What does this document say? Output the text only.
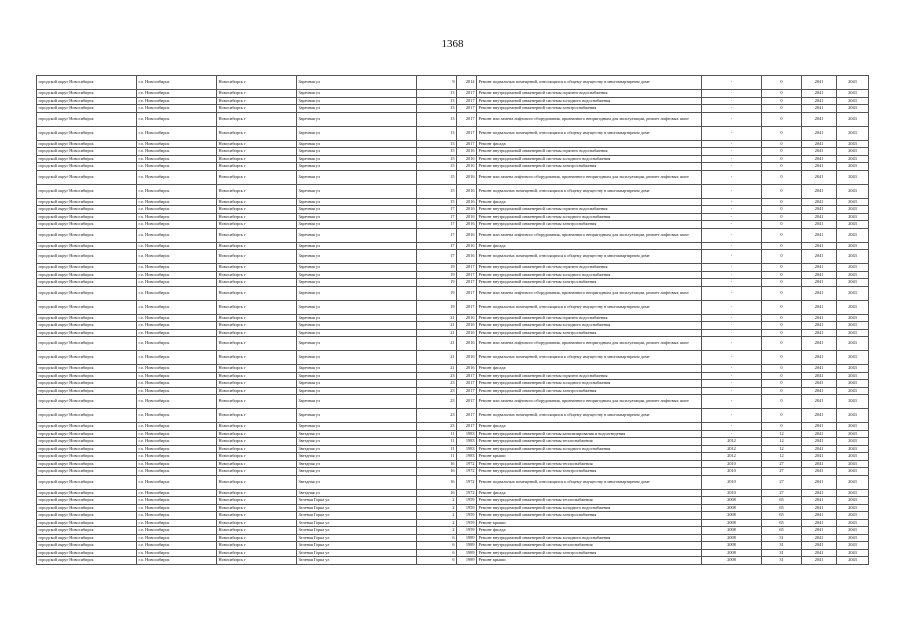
1368
городской округ Новосибирск	г.о. Новосибирск	Новосибирск г	Заречная ул	9	2014	Ремонт подвальных помещений, относящихся к общему имуществу в многоквартирном доме	-	0	2041	2043
городской округ Новосибирск	г.о. Новосибирск	Новосибирск г	Заречная ул	13	2017	Ремонт внутридомовой инженерной системы горячего водоснабжения	-	0	2041	2043
городской округ Новосибирск	г.о. Новосибирск	Новосибирск г	Заречная ул	13	2017	Ремонт внутридомовой инженерной системы холодного водоснабжения	-	0	2041	2043
городской округ Новосибирск	г.о. Новосибирск	Новосибирск г	Заречная ул	13	2017	Ремонт внутридомовой инженерной системы электроснабжения	-	0	2041	2043
городской округ Новосибирск	г.о. Новосибирск	Новосибирск г	Заречная ул	13	2017	Ремонт или замена лифтового оборудования, признанного непригодным для эксплуатации, ремонт лифтовых шахт	-	0	2041	2043
городской округ Новосибирск	г.о. Новосибирск	Новосибирск г	Заречная ул	13	2017	Ремонт подвальных помещений, относящихся к общему имуществу в многоквартирном доме	-	0	2041	2043
городской округ Новосибирск	г.о. Новосибирск	Новосибирск г	Заречная ул	13	2017	Ремонт фасада	-	0	2041	2043
городской округ Новосибирск	г.о. Новосибирск	Новосибирск г	Заречная ул	15	2016	Ремонт внутридомовой инженерной системы горячего водоснабжения	-	0	2041	2043
городской округ Новосибирск	г.о. Новосибирск	Новосибирск г	Заречная ул	15	2016	Ремонт внутридомовой инженерной системы холодного водоснабжения	-	0	2041	2043
городской округ Новосибирск	г.о. Новосибирск	Новосибирск г	Заречная ул	15	2016	Ремонт внутридомовой инженерной системы электроснабжения	-	0	2041	2043
городской округ Новосибирск	г.о. Новосибирск	Новосибирск г	Заречная ул	15	2016	Ремонт или замена лифтового оборудования, признанного непригодным для эксплуатации, ремонт лифтовых шахт	-	0	2041	2043
городской округ Новосибирск	г.о. Новосибирск	Новосибирск г	Заречная ул	15	2016	Ремонт подвальных помещений, относящихся к общему имуществу в многоквартирном доме	-	0	2041	2043
городской округ Новосибирск	г.о. Новосибирск	Новосибирск г	Заречная ул	15	2016	Ремонт фасада	-	0	2041	2043
городской округ Новосибирск	г.о. Новосибирск	Новосибирск г	Заречная ул	17	2016	Ремонт внутридомовой инженерной системы горячего водоснабжения	-	0	2041	2043
городской округ Новосибирск	г.о. Новосибирск	Новосибирск г	Заречная ул	17	2016	Ремонт внутридомовой инженерной системы холодного водоснабжения	-	0	2041	2043
городской округ Новосибирск	г.о. Новосибирск	Новосибирск г	Заречная ул	17	2016	Ремонт внутридомовой инженерной системы электроснабжения	-	0	2041	2043
городской округ Новосибирск	г.о. Новосибирск	Новосибирск г	Заречная ул	17	2016	Ремонт или замена лифтового оборудования, признанного непригодным для эксплуатации, ремонт лифтовых шахт	-	0	2041	2043
городской округ Новосибирск	г.о. Новосибирск	Новосибирск г	Заречная ул	17	2016	Ремонт фасада	-	0	2041	2043
городской округ Новосибирск	г.о. Новосибирск	Новосибирск г	Заречная ул	17	2016	Ремонт подвальных помещений, относящихся к общему имуществу в многоквартирном доме	-	0	2041	2043
городской округ Новосибирск	г.о. Новосибирск	Новосибирск г	Заречная ул	19	2017	Ремонт внутридомовой инженерной системы горячего водоснабжения	-	0	2041	2043
городской округ Новосибирск	г.о. Новосибирск	Новосибирск г	Заречная ул	19	2017	Ремонт внутридомовой инженерной системы холодного водоснабжения	-	0	2041	2043
городской округ Новосибирск	г.о. Новосибирск	Новосибирск г	Заречная ул	19	2017	Ремонт внутридомовой инженерной системы электроснабжения	-	0	2041	2043
городской округ Новосибирск	г.о. Новосибирск	Новосибирск г	Заречная ул	19	2017	Ремонт или замена лифтового оборудования, признанного непригодным для эксплуатации, ремонт лифтовых шахт	-	0	2041	2043
городской округ Новосибирск	г.о. Новосибирск	Новосибирск г	Заречная ул	19	2017	Ремонт подвальных помещений, относящихся к общему имуществу в многоквартирном доме	-	0	2041	2043
городской округ Новосибирск	г.о. Новосибирск	Новосибирск г	Заречная ул	21	2016	Ремонт внутридомовой инженерной системы горячего водоснабжения	-	0	2041	2043
городской округ Новосибирск	г.о. Новосибирск	Новосибирск г	Заречная ул	21	2016	Ремонт внутридомовой инженерной системы холодного водоснабжения	-	0	2041	2043
городской округ Новосибирск	г.о. Новосибирск	Новосибирск г	Заречная ул	21	2016	Ремонт внутридомовой инженерной системы электроснабжения	-	0	2041	2043
городской округ Новосибирск	г.о. Новосибирск	Новосибирск г	Заречная ул	21	2016	Ремонт или замена лифтового оборудования, признанного непригодным для эксплуатации, ремонт лифтовых шахт	-	0	2041	2043
городской округ Новосибирск	г.о. Новосибирск	Новосибирск г	Заречная ул	21	2016	Ремонт подвальных помещений, относящихся к общему имуществу в многоквартирном доме	-	0	2041	2043
городской округ Новосибирск	г.о. Новосибирск	Новосибирск г	Заречная ул	21	2016	Ремонт фасада	-	0	2041	2043
городской округ Новосибирск	г.о. Новосибирск	Новосибирск г	Заречная ул	23	2017	Ремонт внутридомовой инженерной системы горячего водоснабжения	-	0	2041	2043
городской округ Новосибирск	г.о. Новосибирск	Новосибирск г	Заречная ул	23	2017	Ремонт внутридомовой инженерной системы холодного водоснабжения	-	0	2041	2043
городской округ Новосибирск	г.о. Новосибирск	Новосибирск г	Заречная ул	23	2017	Ремонт внутридомовой инженерной системы электроснабжения	-	0	2041	2043
городской округ Новосибирск	г.о. Новосибирск	Новосибирск г	Заречная ул	23	2017	Ремонт или замена лифтового оборудования, признанного непригодным для эксплуатации, ремонт лифтовых шахт	-	0	2041	2043
городской округ Новосибирск	г.о. Новосибирск	Новосибирск г	Заречная ул	23	2017	Ремонт подвальных помещений, относящихся к общему имуществу в многоквартирном доме	-	0	2041	2043
городской округ Новосибирск	г.о. Новосибирск	Новосибирск г	Заречная ул	23	2017	Ремонт фасада	-	0	2041	2043
городской округ Новосибирск	г.о. Новосибирск	Новосибирск г	Звездная ул	11	1983	Ремонт внутридомовой инженерной системы канализирования и водоотведения	-	12	2041	2043
городской округ Новосибирск	г.о. Новосибирск	Новосибирск г	Звездная ул	11	1983	Ремонт внутридомовой инженерной системы теплоснабжения	2012	12	2041	2043
городской округ Новосибирск	г.о. Новосибирск	Новосибирск г	Звездная ул	11	1983	Ремонт внутридомовой инженерной системы холодного водоснабжения	2012	12	2041	2043
городской округ Новосибирск	г.о. Новосибирск	Новосибирск г	Звездная ул	11	1983	Ремонт крыши	2012	12	2041	2043
городской округ Новосибирск	г.о. Новосибирск	Новосибирск г	Звездная ул	16	1972	Ремонт внутридомовой инженерной системы теплоснабжения	2010	27	2041	2043
городской округ Новосибирск	г.о. Новосибирск	Новосибирск г	Звездная ул	16	1972	Ремонт внутридомовой инженерной системы электроснабжения	2010	27	2041	2043
городской округ Новосибирск	г.о. Новосибирск	Новосибирск г	Звездная ул	16	1972	Ремонт подвальных помещений, относящихся к общему имуществу в многоквартирном доме	2010	27	2041	2043
городской округ Новосибирск	г.о. Новосибирск	Новосибирск г	Звездная ул	16	1972	Ремонт фасада	2010	27	2041	2043
городской округ Новосибирск	г.о. Новосибирск	Новосибирск г	Зеленая Горка ул	2	1959	Ремонт внутридомовой инженерной системы теплоснабжения	2008	65	2041	2043
городской округ Новосибирск	г.о. Новосибирск	Новосибирск г	Зеленая Горка ул	2	1959	Ремонт внутридомовой инженерной системы холодного водоснабжения	2008	65	2041	2043
городской округ Новосибирск	г.о. Новосибирск	Новосибирск г	Зеленая Горка ул	2	1959	Ремонт внутридомовой инженерной системы электроснабжения	2008	65	2041	2043
городской округ Новосибирск	г.о. Новосибирск	Новосибирск г	Зеленая Горка ул	2	1959	Ремонт крыши	2008	65	2041	2043
городской округ Новосибирск	г.о. Новосибирск	Новосибирск г	Зеленая Горка ул	2	1959	Ремонт фасада	2008	65	2041	2043
городской округ Новосибирск	г.о. Новосибирск	Новосибирск г	Зеленая Горка ул	6	1989	Ремонт внутридомовой инженерной системы холодного водоснабжения	2008	31	2041	2043
городской округ Новосибирск	г.о. Новосибирск	Новосибирск г	Зеленая Горка ул	6	1989	Ремонт внутридомовой инженерной системы теплоснабжения	2008	31	2041	2043
городской округ Новосибирск	г.о. Новосибирск	Новосибирск г	Зеленая Горка ул	6	1989	Ремонт внутридомовой инженерной системы электроснабжения	2008	31	2041	2043
городской округ Новосибирск	г.о. Новосибирск	Новосибирск г	Зеленая Горка ул	6	1989	Ремонт крыши	2008	31	2041	2043
